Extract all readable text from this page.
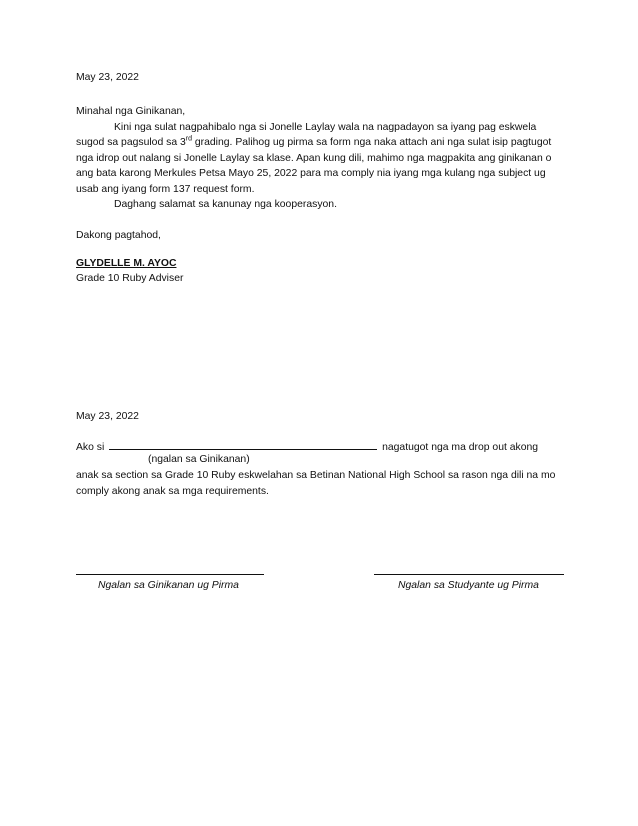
May 23, 2022

Minahal nga Ginikanan,

Kini nga sulat nagpahibalo nga si Jonelle Laylay wala na nagpadayon sa iyang pag eskwela sugod sa pagsulod sa 3rd grading. Palihog ug pirma sa form nga naka attach ani nga sulat isip pagtugot nga idrop out nalang si Jonelle Laylay sa klase. Apan kung dili, mahimo nga magpakita ang ginikanan o ang bata karong Merkules Petsa Mayo 25, 2022 para ma comply nia iyang mga kulang nga subject ug usab ang iyang form 137 request form.

Daghang salamat sa kanunay nga kooperasyon.

Dakong pagtahod,
GLYDELLE M. AYOC
Grade 10 Ruby Adviser
May 23, 2022
Ako si	nagatugot nga ma drop out akong
(ngalan sa Ginikanan)
anak sa section sa Grade 10 Ruby eskwelahan sa Betinan National High School sa rason nga dili na mo comply akong anak sa mga requirements.
Ngalan sa Ginikanan ug Pirma	Ngalan sa Studyante ug Pirma
